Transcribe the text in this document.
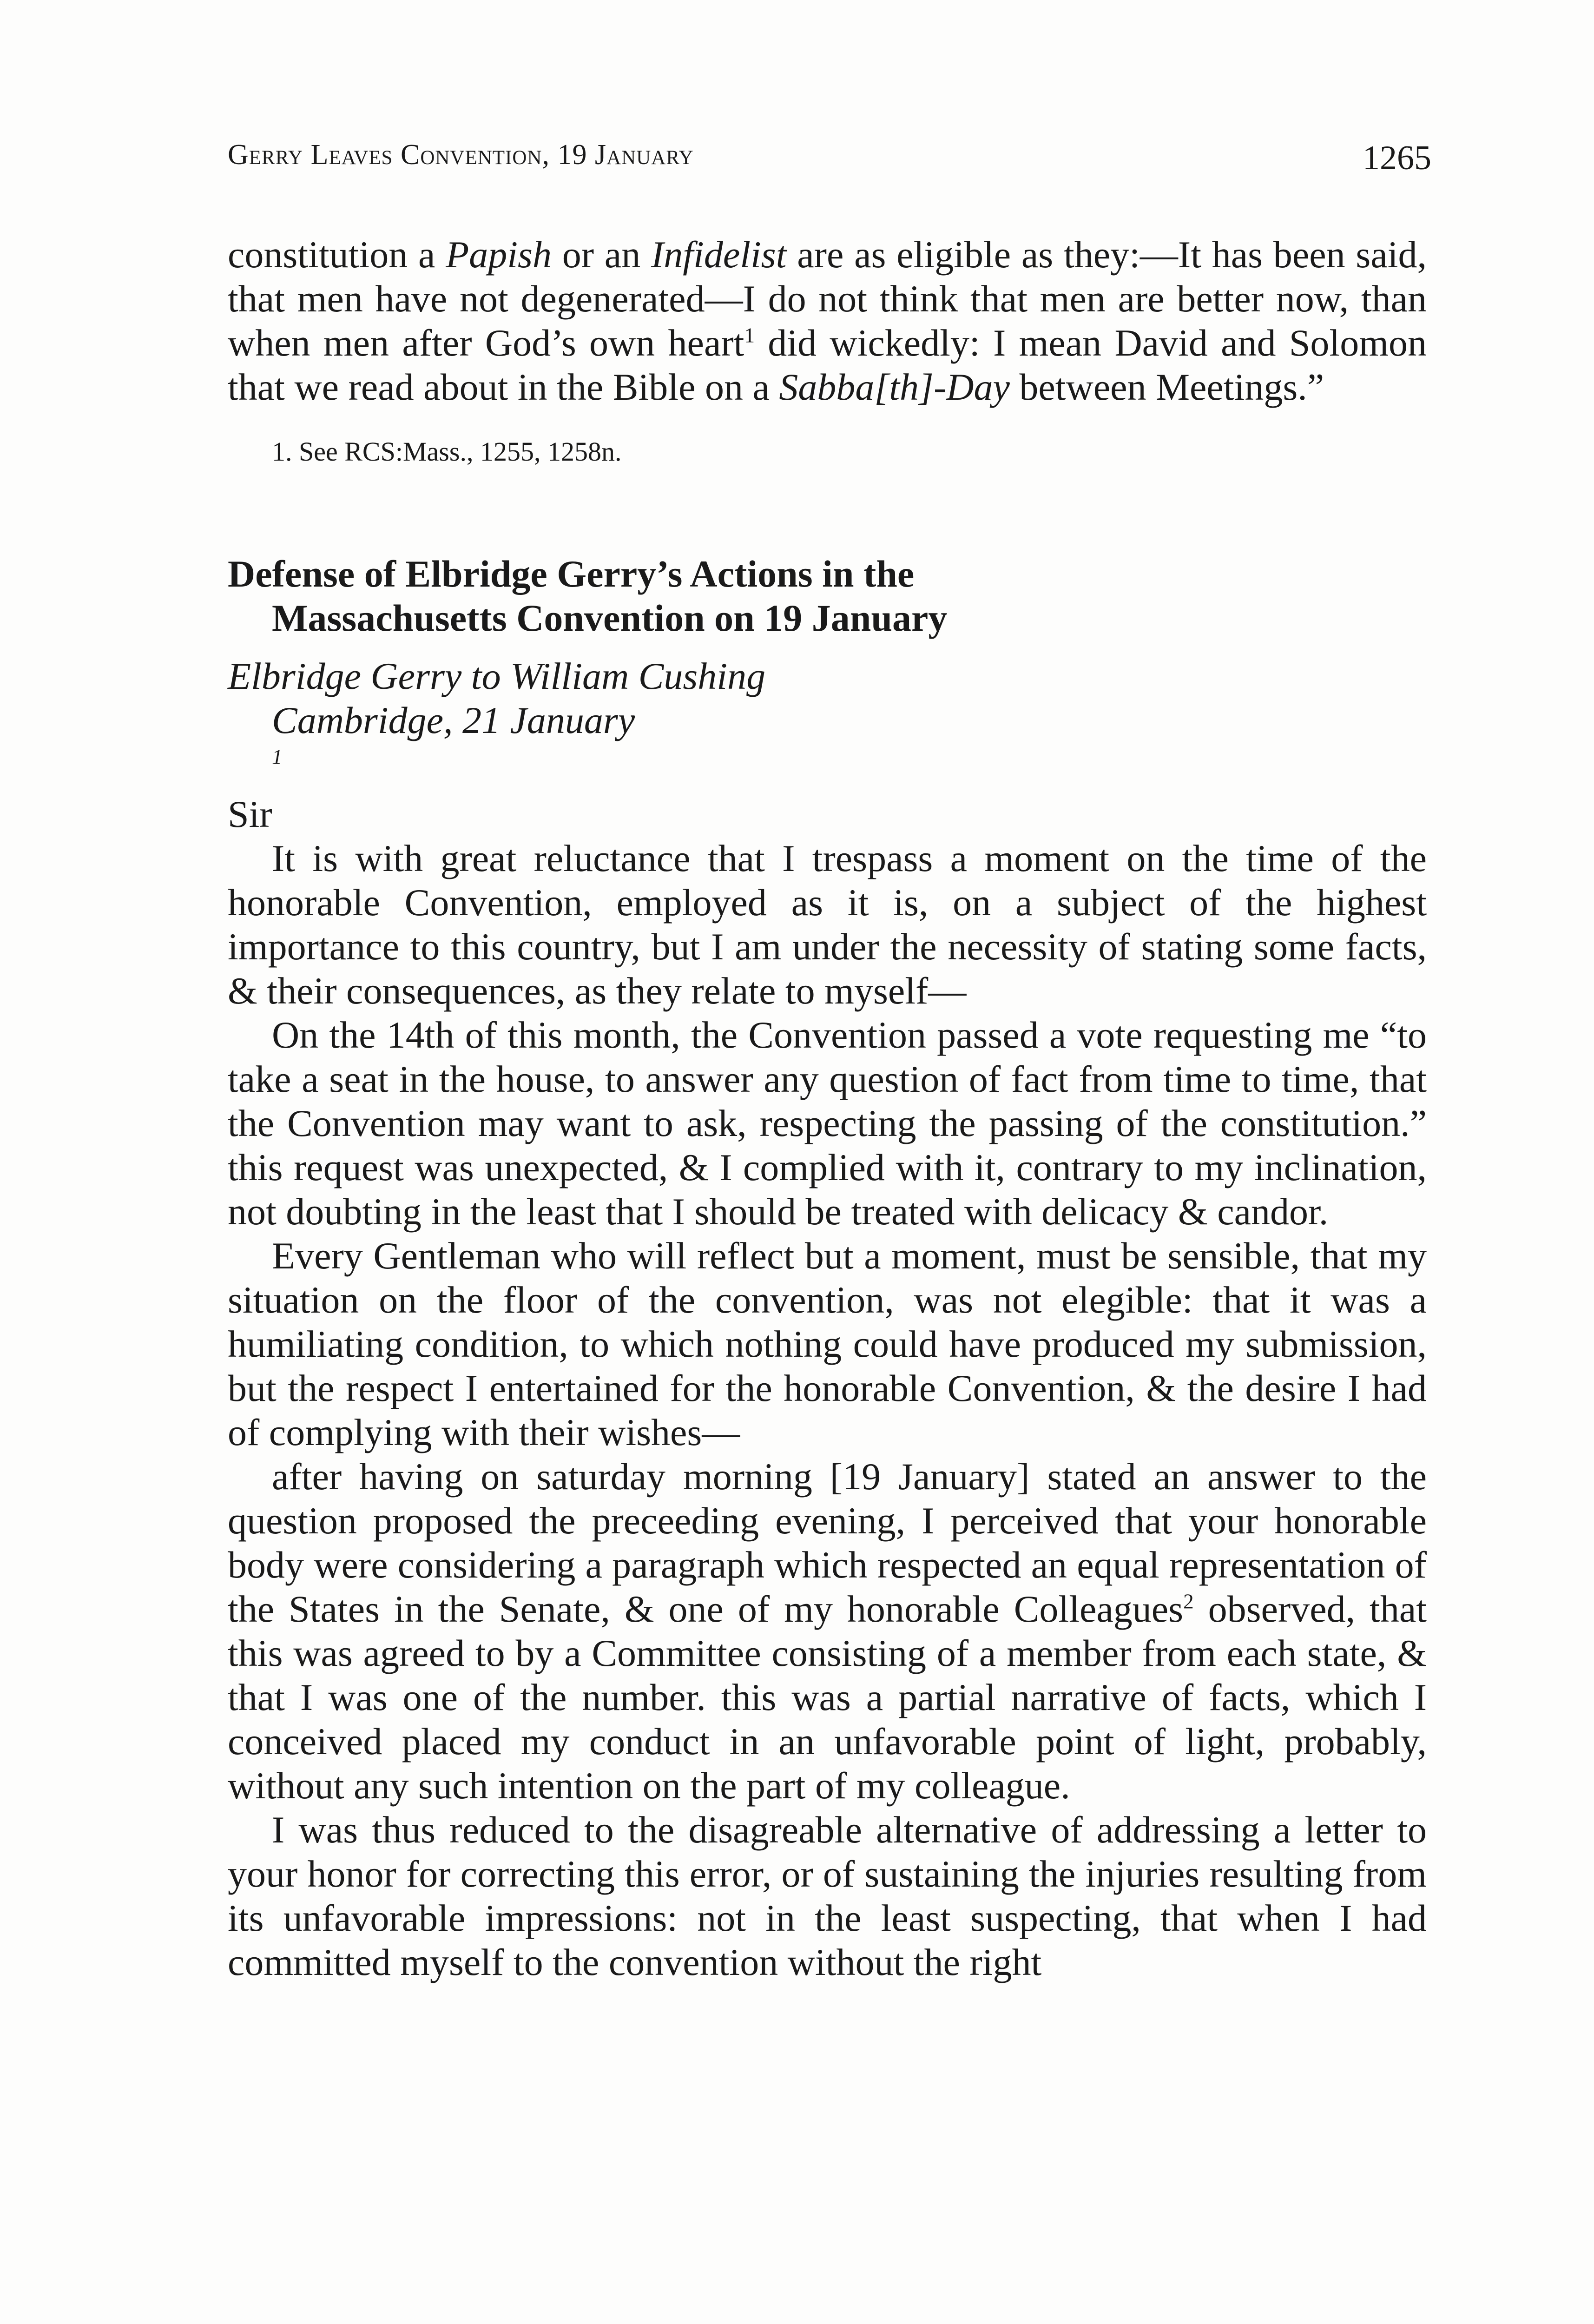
Gerry Leaves Convention, 19 January	1265

constitution a Papish or an Infidelist are as eligible as they:—It has been said, that men have not degenerated—I do not think that men are better now, than when men after God’s own heart$^1$ did wickedly: I mean David and Solomon that we read about in the Bible on a Sabba[th]-Day between Meetings.”

1. See RCS:Mass., 1255, 1258n.

Defense of Elbridge Gerry’s Actions in the
Massachusetts Convention on 19 January
Elbridge Gerry to William Cushing
Cambridge, 21 January
$^1$
Sir

It is with great reluctance that I trespass a moment on the time of the honorable Convention, employed as it is, on a subject of the highest importance to this country, but I am under the necessity of stating some facts, & their consequences, as they relate to myself—

On the 14th of this month, the Convention passed a vote requesting me “to take a seat in the house, to answer any question of fact from time to time, that the Convention may want to ask, respecting the passing of the constitution.” this request was unexpected, & I complied with it, contrary to my inclination, not doubting in the least that I should be treated with delicacy & candor.

Every Gentleman who will reflect but a moment, must be sensible, that my situation on the floor of the convention, was not elegible: that it was a humiliating condition, to which nothing could have produced my submission, but the respect I entertained for the honorable Convention, & the desire I had of complying with their wishes—

after having on saturday morning [19 January] stated an answer to the question proposed the preceeding evening, I perceived that your honorable body were considering a paragraph which respected an equal representation of the States in the Senate, & one of my honorable Colleagues$^2$ observed, that this was agreed to by a Committee consisting of a member from each state, & that I was one of the number. this was a partial narrative of facts, which I conceived placed my conduct in an unfavorable point of light, probably, without any such intention on the part of my colleague.

I was thus reduced to the disagreable alternative of addressing a letter to your honor for correcting this error, or of sustaining the injuries resulting from its unfavorable impressions: not in the least suspecting, that when I had committed myself to the convention without the right
